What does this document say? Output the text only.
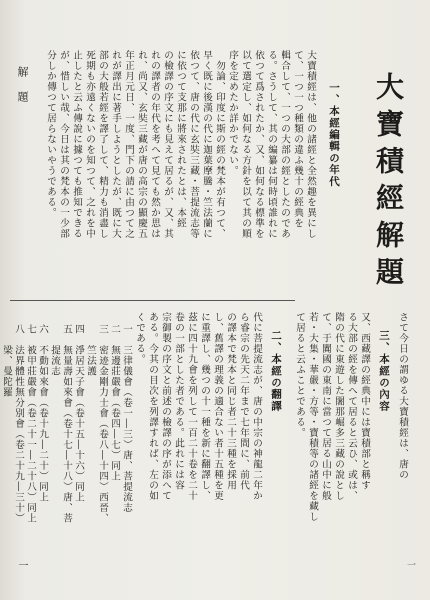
大寶積經解題
一、本經編輯の年代
大寶積經は、他の諸經と全然趣を異にし
て、一つ一つ種類の違ふ幾十の經典を
輯合して、一つの大部の經としたのであ
る。さうして、其の編纂は何時頃誰れに
依つて爲されたか、又、如何なる標準を
以て選定し、如何なる方針を以て其の順
序を定めたか詳かでない。
　勿論、印度に斯の經の梵本が有つて、
早く既に後漢の代に迦葉摩騰・竺法蘭に
依つて、唐の代に玄奘三藏・菩提流志等
に依つて支那に將來されたとは、本經
の檢譯の序文にも見えて居るが、又、其
れの譯者の年代を考へて見ても然か思は
れ、尚又、玄奘三藏が唐の高宗の顯慶五
年正月元日、一度、門下の請に由つて之
れが譯出に著手しようとしたが、既に大
部の大般若經を譯了して、精力も消盡し
死期も亦遠くないのを知つて、之れを中
止したと云ふ傳說に據つても推知できる
が、惜しい哉、今日は其の梵本の一少部
分しか傳つて居らないやうである。
さて今日の謂ゆる大寶積經は、唐の
三、本經の內容
又、西藏譯の經典中には寶積部と稱す
る大部の經を傳へて居ると云ひ、或は、
隋の代に東遊した闍那崛多三藏の說とし
て、于闐國の東南に當つて居る山中に般
若・大集・華嚴・方等・寶積等の諸經を藏し
て居ると云ふことである。
二、本經の翻譯
代に菩提流志が、唐の中宗の神龍二年か
ら睿宗の先天二年まで七年間に、前代
の譯本で梵本と同じ者二十三種を採用
し、舊譯の理義の適合ない者十五種を更
に重譯し、幾つの十一種を新に翻譯し、
茲に四十九會を列して一百二十卷を二十
卷の一部とした者である。此れには容
宗御製の序文と前述の檢譯の序が添へて
ある。今其の目次を列譯すれば、左の如
くである。
一　三律儀會（卷一―三）唐、菩提流志
二　無邊莊嚴會（卷四―七）同上
三　密迹金剛力士會（卷八―十四）西晉、
　　竺法護
四　淨居天子會（卷十五―十六）同上
五　無量壽如來會（卷十七―十八）唐、菩
　　提流志
六　不動如來會（卷十九―二十）同上
七　被甲莊嚴會（卷二十一―二十八）同上
八　法界體性無分別會（卷二十九―三十）
　　梁、曼陀羅
解題
一	一
